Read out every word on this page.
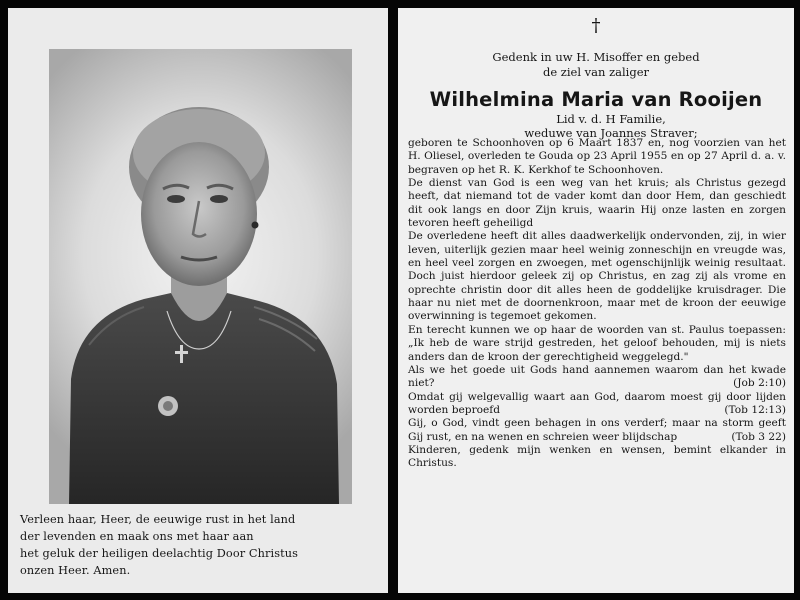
Verleen haar, Heer, de eeuwige rust in het land
der levenden en maak ons met haar aan
het geluk der heiligen deelachtig Door Christus
onzen Heer. Amen.
†
Gedenk in uw H. Misoffer en gebed
de ziel van zaliger
Wilhelmina Maria van Rooijen
Lid v. d. H Familie,
weduwe van Joannes Straver;
geboren te Schoonhoven op 6 Maart 1837 en, nog voorzien van het H. Oliesel, overleden te Gouda op 23 April 1955 en op 27 April d. a. v. begraven op het R. K. Kerkhof te Schoonhoven.
De dienst van God is een weg van het kruis; als Christus gezegd heeft, dat niemand tot de vader komt dan door Hem, dan geschiedt dit ook langs en door Zijn kruis, waarin Hij onze lasten en zorgen tevoren heeft geheiligd
De overledene heeft dit alles daadwerkelijk ondervonden, zij, in wier leven, uiterlijk gezien maar heel weinig zonneschijn en vreugde was, en heel veel zorgen en zwoegen, met ogenschijnlijk weinig resultaat. Doch juist hierdoor geleek zij op Christus, en zag zij als vrome en oprechte christin door dit alles heen de goddelijke kruisdrager. Die haar nu niet met de doornenkroon, maar met de kroon der eeuwige overwinning is tegemoet gekomen.
En terecht kunnen we op haar de woorden van st. Paulus toepassen: „Ik heb de ware strijd gestreden, het geloof behouden, mij is niets anders dan de kroon der gerechtigheid weggelegd."
Als we het goede uit Gods hand aannemen waarom dan het kwade niet?	(Job 2:10)
Omdat gij welgevallig waart aan God, daarom moest gij door lijden worden beproefd	(Tob 12:13)
Gij, o God, vindt geen behagen in ons verderf; maar na storm geeft Gij rust, en na wenen en schreien weer blijdschap	(Tob 3 22)
Kinderen, gedenk mijn wenken en wensen, bemint elkander in Christus.
